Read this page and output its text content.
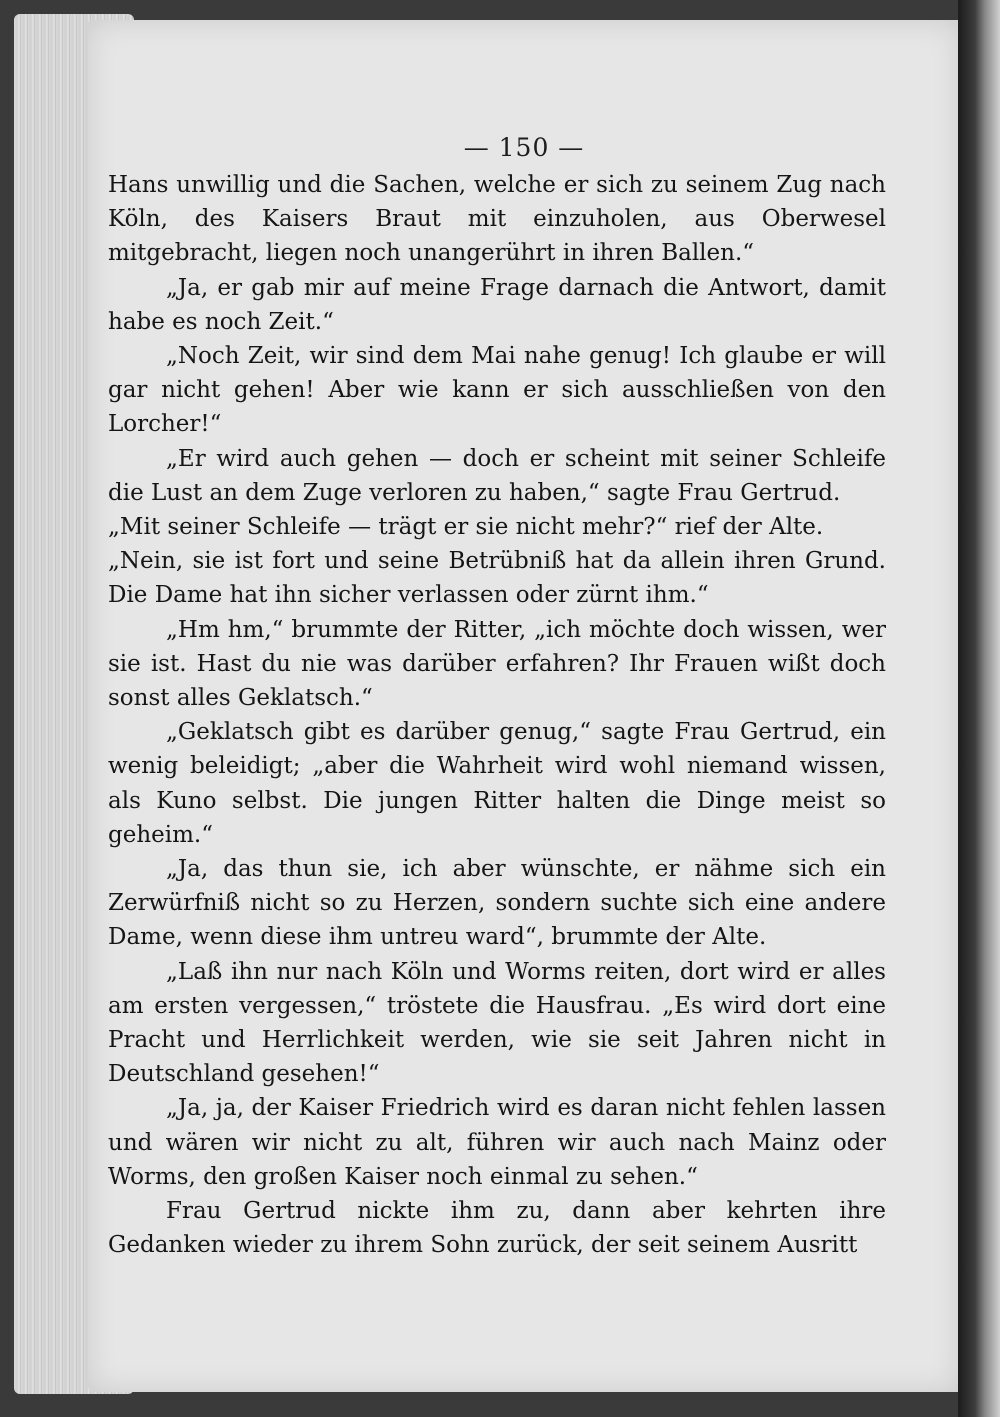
— 150 —

Hans unwillig und die Sachen, welche er sich zu seinem Zug nach Köln, des Kaisers Braut mit einzuholen, aus Oberwesel mitgebracht, liegen noch unangerührt in ihren Ballen.“

„Ja, er gab mir auf meine Frage darnach die Antwort, damit habe es noch Zeit.“

„Noch Zeit, wir sind dem Mai nahe genug! Ich glaube er will gar nicht gehen! Aber wie kann er sich ausschließen von den Lorcher!“

„Er wird auch gehen — doch er scheint mit seiner Schleife die Lust an dem Zuge verloren zu haben,“ sagte Frau Gertrud.

„Mit seiner Schleife — trägt er sie nicht mehr?“ rief der Alte.

„Nein, sie ist fort und seine Betrübniß hat da allein ihren Grund. Die Dame hat ihn sicher verlassen oder zürnt ihm.“

„Hm hm,“ brummte der Ritter, „ich möchte doch wissen, wer sie ist. Hast du nie was darüber erfahren? Ihr Frauen wißt doch sonst alles Geklatsch.“

„Geklatsch gibt es darüber genug,“ sagte Frau Gertrud, ein wenig beleidigt; „aber die Wahrheit wird wohl niemand wissen, als Kuno selbst. Die jungen Ritter halten die Dinge meist so geheim.“

„Ja, das thun sie, ich aber wünschte, er nähme sich ein Zerwürfniß nicht so zu Herzen, sondern suchte sich eine andere Dame, wenn diese ihm untreu ward“, brummte der Alte.

„Laß ihn nur nach Köln und Worms reiten, dort wird er alles am ersten vergessen,“ tröstete die Hausfrau. „Es wird dort eine Pracht und Herrlichkeit werden, wie sie seit Jahren nicht in Deutschland gesehen!“

„Ja, ja, der Kaiser Friedrich wird es daran nicht fehlen lassen und wären wir nicht zu alt, führen wir auch nach Mainz oder Worms, den großen Kaiser noch einmal zu sehen.“

Frau Gertrud nickte ihm zu, dann aber kehrten ihre Gedanken wieder zu ihrem Sohn zurück, der seit seinem Ausritt
